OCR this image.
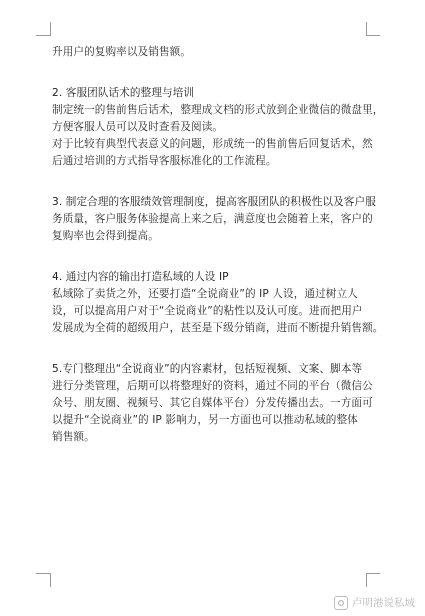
升用户的复购率以及销售额。
2. 客服团队话术的整理与培训
制定统一的售前售后话术，整理成文档的形式放到企业微信的微盘里，
方便客服人员可以及时查看及阅读。
对于比较有典型代表意义的问题，形成统一的售前售后回复话术，然
后通过培训的方式指导客服标准化的工作流程。
3. 制定合理的客服绩效管理制度，提高客服团队的积极性以及客户服
务质量，客户服务体验提高上来之后，满意度也会随着上来，客户的
复购率也会得到提高。
4. 通过内容的输出打造私域的人设 IP
私域除了卖货之外，还要打造“全说商业”的 IP 人设，通过树立人
设，可以提高用户对于“全说商业”的粘性以及认可度。进而把用户
发展成为全荷的超级用户，甚至是下级分销商，进而不断提升销售额。
5.专门整理出“全说商业”的内容素材，包括短视频、文案、脚本等
进行分类管理，后期可以将整理好的资料，通过不同的平台（微信公
众号、朋友圈、视频号、其它自媒体平台）分发传播出去。一方面可
以提升“全说商业”的 IP 影响力，另一方面也可以推动私域的整体
销售额。
卢明港说私域
